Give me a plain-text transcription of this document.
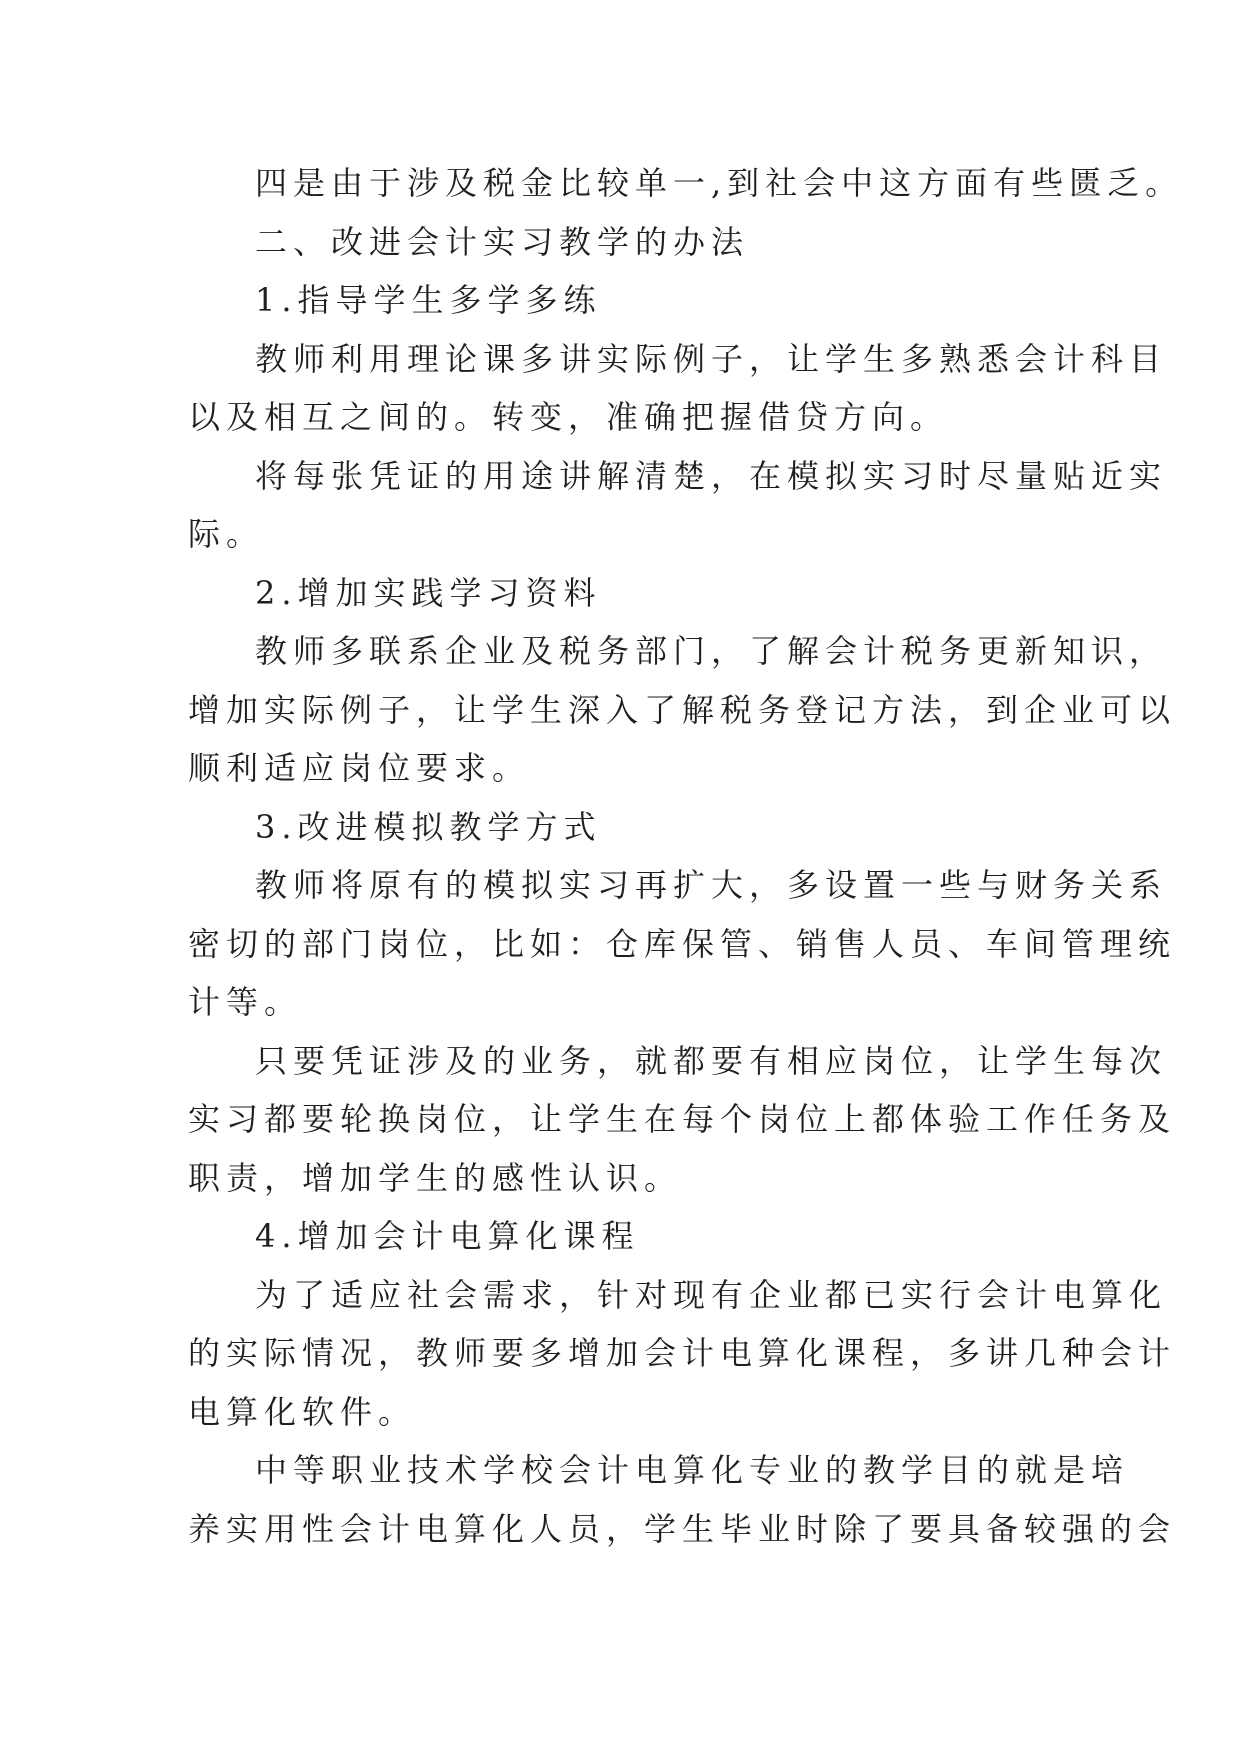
四是由于涉及税金比较单一,到社会中这方面有些匮乏。
二、改进会计实习教学的办法
1.指导学生多学多练
教师利用理论课多讲实际例子，让学生多熟悉会计科目
以及相互之间的。转变，准确把握借贷方向。
将每张凭证的用途讲解清楚，在模拟实习时尽量贴近实
际。
2.增加实践学习资料
教师多联系企业及税务部门，了解会计税务更新知识，
增加实际例子，让学生深入了解税务登记方法，到企业可以
顺利适应岗位要求。
3.改进模拟教学方式
教师将原有的模拟实习再扩大，多设置一些与财务关系
密切的部门岗位，比如：仓库保管、销售人员、车间管理统
计等。
只要凭证涉及的业务，就都要有相应岗位，让学生每次
实习都要轮换岗位，让学生在每个岗位上都体验工作任务及
职责，增加学生的感性认识。
4.增加会计电算化课程
为了适应社会需求，针对现有企业都已实行会计电算化
的实际情况，教师要多增加会计电算化课程，多讲几种会计
电算化软件。
中等职业技术学校会计电算化专业的教学目的就是培
养实用性会计电算化人员，学生毕业时除了要具备较强的会
